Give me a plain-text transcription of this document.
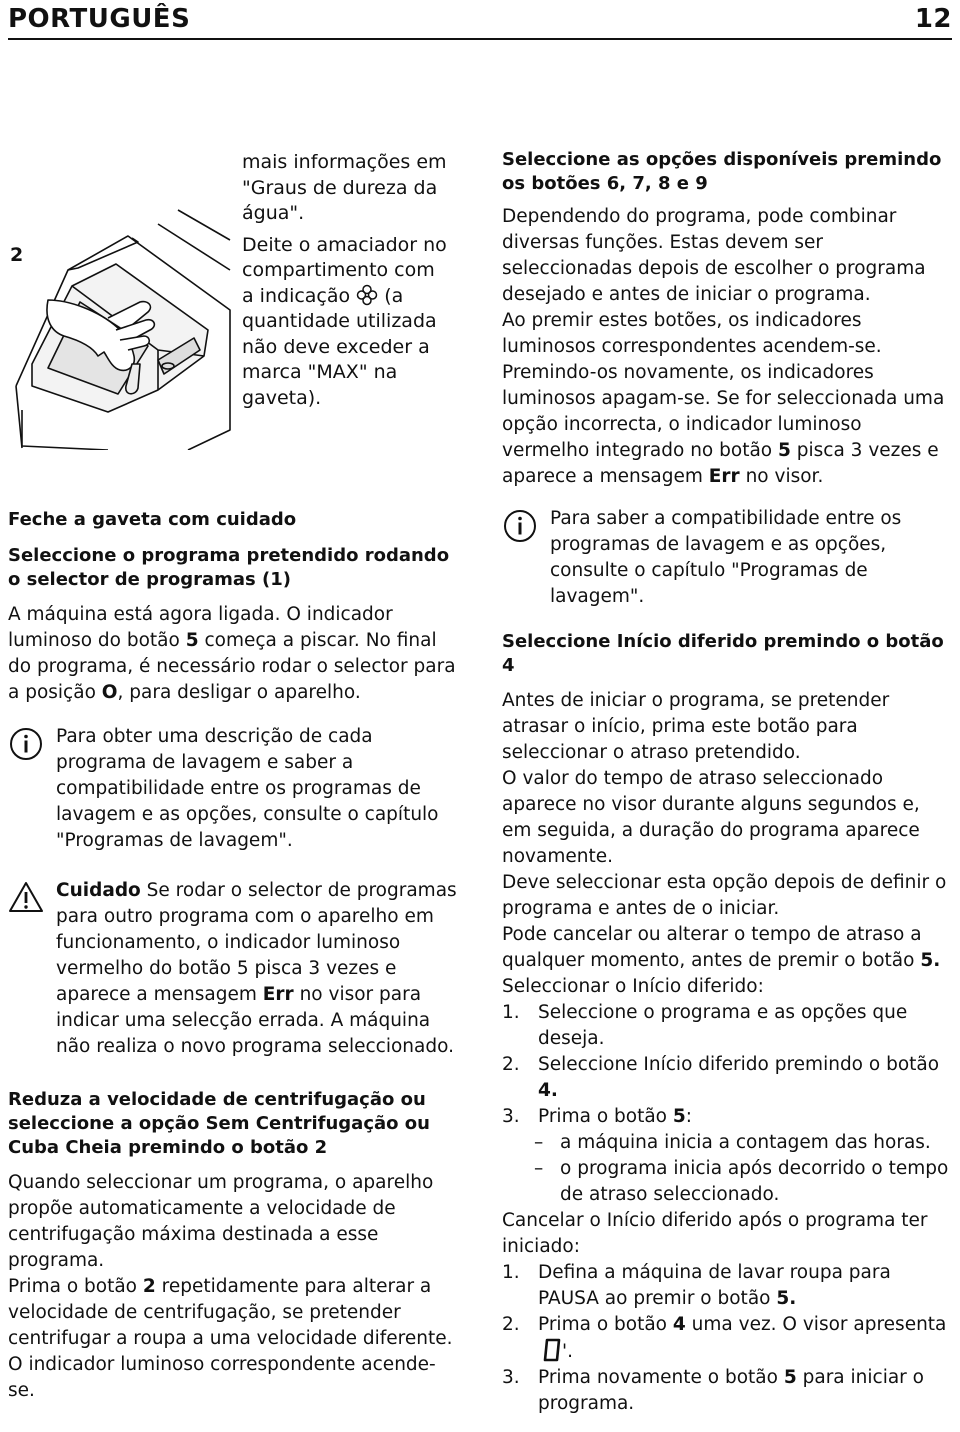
PORTUGUÊS	12
2

mais informações em "Graus de dureza da água".

Deite o amaciador no compartimento com a indicação (a quantidade utilizada não deve exceder a marca "MAX" na gaveta).

Feche a gaveta com cuidado

Seleccione o programa pretendido rodando o selector de programas (1)

A máquina está agora ligada. O indicador luminoso do botão 5 começa a piscar. No final do programa, é necessário rodar o selector para a posição O, para desligar o aparelho.

Para obter uma descrição de cada programa de lavagem e saber a compatibilidade entre os programas de lavagem e as opções, consulte o capítulo "Programas de lavagem".

Cuidado Se rodar o selector de programas para outro programa com o aparelho em funcionamento, o indicador luminoso vermelho do botão 5 pisca 3 vezes e aparece a mensagem Err no visor para indicar uma selecção errada. A máquina não realiza o novo programa seleccionado.

Reduza a velocidade de centrifugação ou seleccione a opção Sem Centrifugação ou Cuba Cheia premindo o botão 2

Quando seleccionar um programa, o aparelho propõe automaticamente a velocidade de centrifugação máxima destinada a esse programa.

Prima o botão 2 repetidamente para alterar a velocidade de centrifugação, se pretender centrifugar a roupa a uma velocidade diferente. O indicador luminoso correspondente acende-se.

Seleccione as opções disponíveis premindo os botões 6, 7, 8 e 9

Dependendo do programa, pode combinar diversas funções. Estas devem ser seleccionadas depois de escolher o programa desejado e antes de iniciar o programa.

Ao premir estes botões, os indicadores luminosos correspondentes acendem-se. Premindo-os novamente, os indicadores luminosos apagam-se. Se for seleccionada uma opção incorrecta, o indicador luminoso vermelho integrado no botão 5 pisca 3 vezes e aparece a mensagem Err no visor.

Para saber a compatibilidade entre os programas de lavagem e as opções, consulte o capítulo "Programas de lavagem".

Seleccione Início diferido premindo o botão 4

Antes de iniciar o programa, se pretender atrasar o início, prima este botão para seleccionar o atraso pretendido.

O valor do tempo de atraso seleccionado aparece no visor durante alguns segundos e, em seguida, a duração do programa aparece novamente.

Deve seleccionar esta opção depois de definir o programa e antes de o iniciar.

Pode cancelar ou alterar o tempo de atraso a qualquer momento, antes de premir o botão 5.

Seleccionar o Início diferido:

1. Seleccione o programa e as opções que deseja.
2. Seleccione Início diferido premindo o botão 4.
3. Prima o botão 5:
– a máquina inicia a contagem das horas.
– o programa inicia após decorrido o tempo de atraso seleccionado.

Cancelar o Início diferido após o programa ter iniciado:

1. Defina a máquina de lavar roupa para PAUSA ao premir o botão 5.
2. Prima o botão 4 uma vez. O visor apresenta '.
3. Prima novamente o botão 5 para iniciar o programa.
